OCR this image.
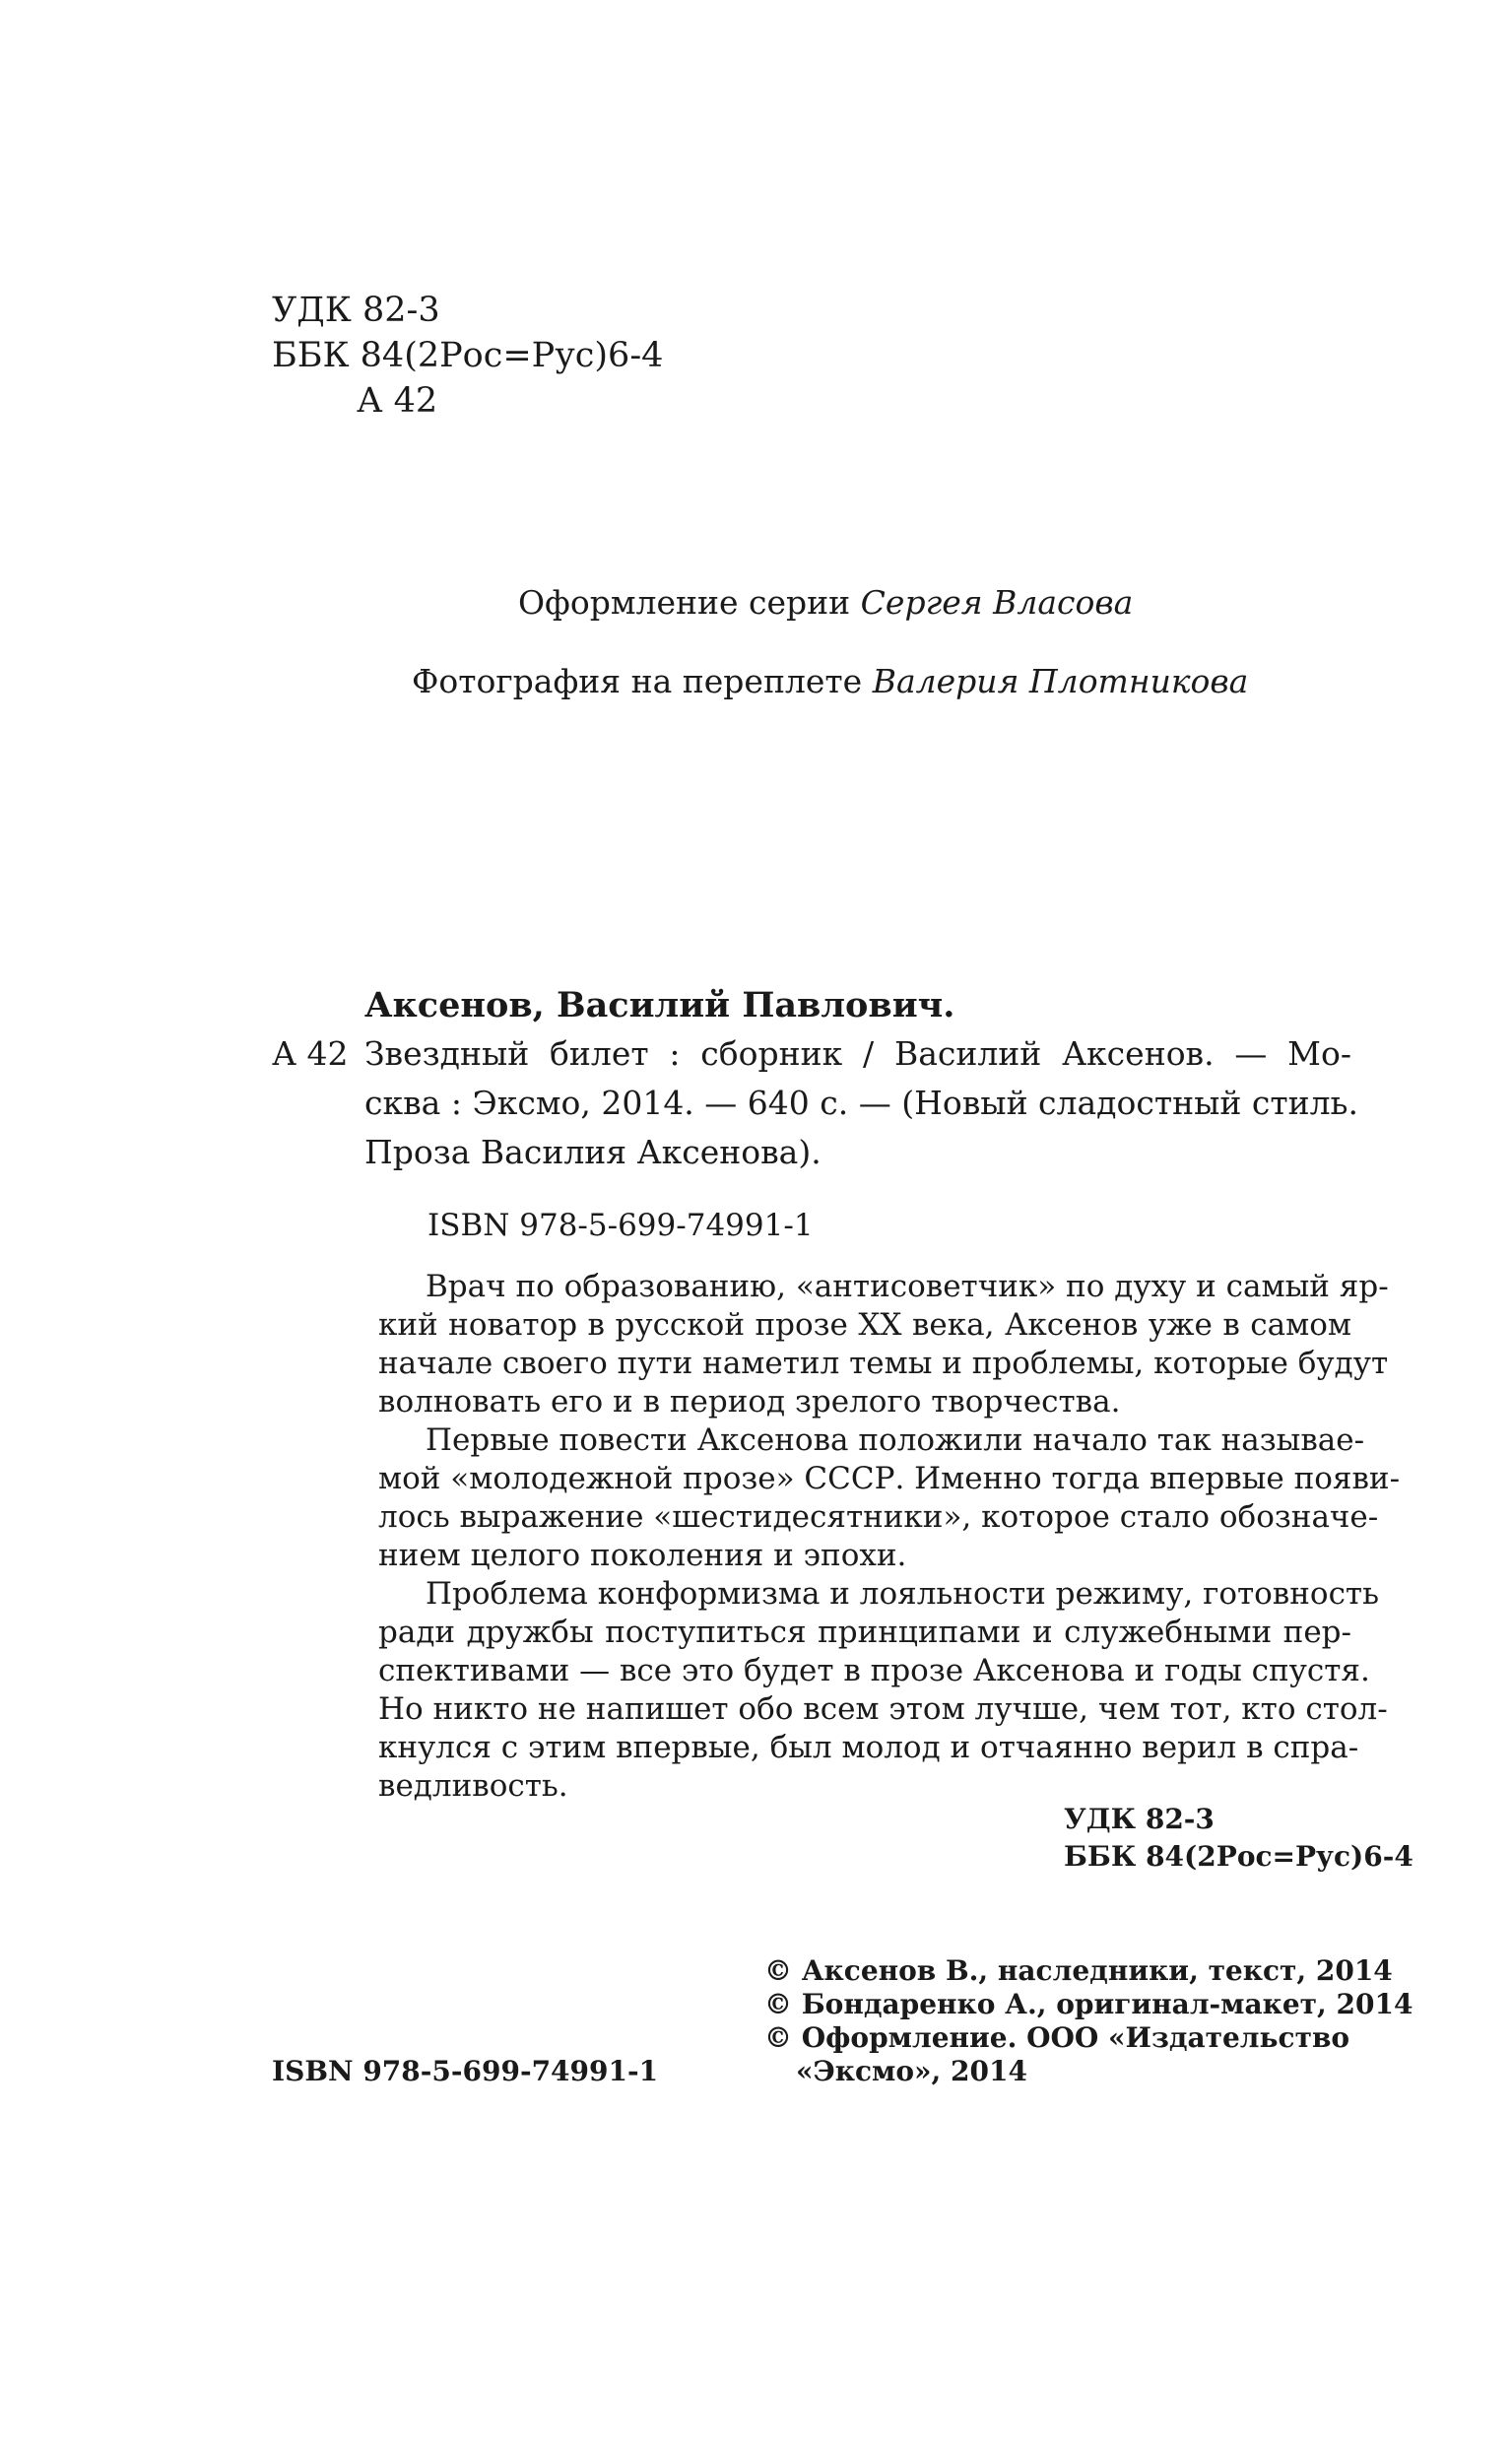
УДК 82-3
ББК 84(2Рос=Рус)6-4
А 42
Оформление серии Сергея Власова
Фотография на переплете Валерия Плотникова
Аксенов, Василий Павлович.
А 42 Звездный билет : сборник / Василий Аксенов. — Мо-
сква : Эксмо, 2014. — 640 с. — (Новый сладостный стиль.
Проза Василия Аксенова).
ISBN 978-5-699-74991-1
Врач по образованию, «антисоветчик» по духу и самый яр-
кий новатор в русской прозе XX века, Аксенов уже в самом
начале своего пути наметил темы и проблемы, которые будут
волновать его и в период зрелого творчества.
Первые повести Аксенова положили начало так называе-
мой «молодежной прозе» СССР. Именно тогда впервые появи-
лось выражение «шестидесятники», которое стало обозначе-
нием целого поколения и эпохи.
Проблема конформизма и лояльности режиму, готовность
ради дружбы поступиться принципами и служебными пер-
спективами — все это будет в прозе Аксенова и годы спустя.
Но никто не напишет обо всем этом лучше, чем тот, кто стол-
кнулся с этим впервые, был молод и отчаянно верил в спра-
ведливость.
УДК 82-3
ББК 84(2Рос=Рус)6-4
© Аксенов В., наследники, текст, 2014
© Бондаренко А., оригинал-макет, 2014
© Оформление. ООО «Издательство
«Эксмо», 2014
ISBN 978-5-699-74991-1
